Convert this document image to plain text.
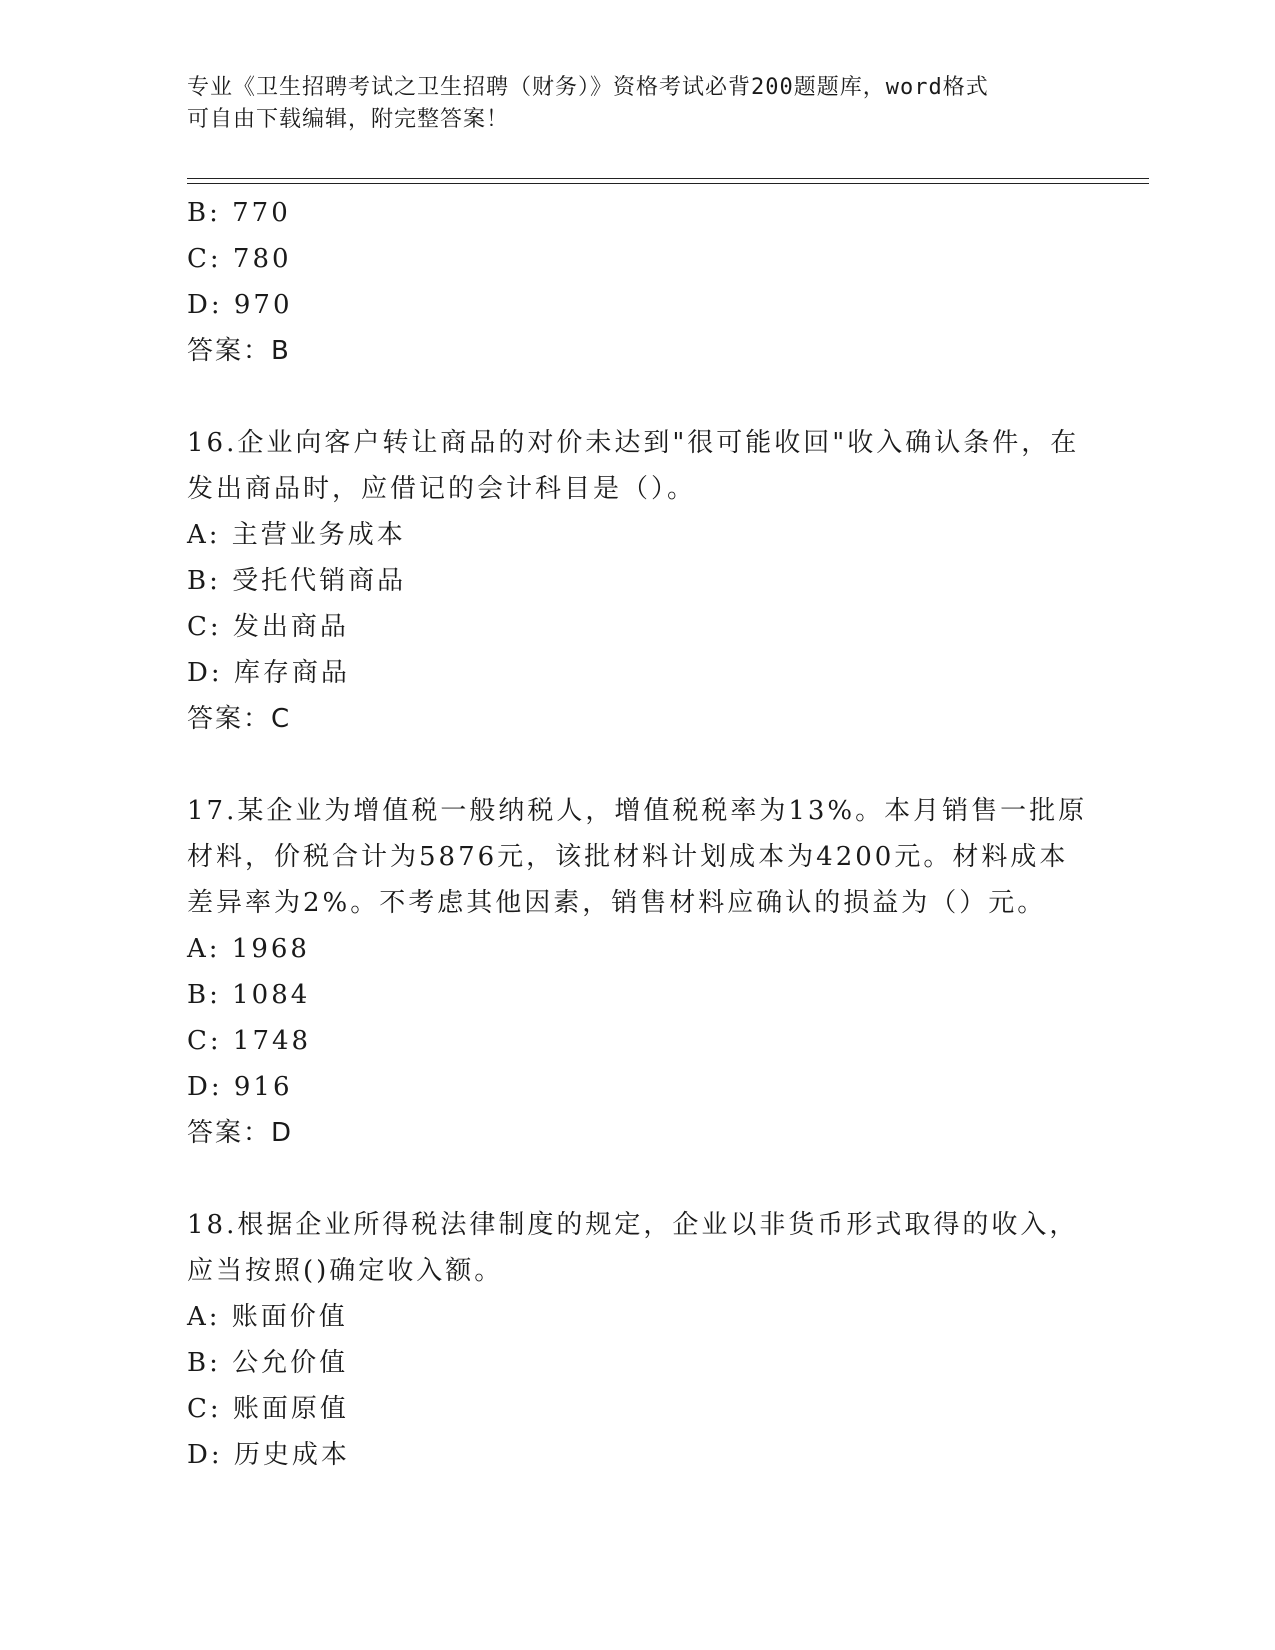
专业《卫生招聘考试之卫生招聘（财务）》资格考试必背200题题库，word格式
可自由下载编辑，附完整答案！
B: 770
C: 780
D: 970
答案：B
16.企业向客户转让商品的对价未达到"很可能收回"收入确认条件，在
发出商品时，应借记的会计科目是（）。
A: 主营业务成本
B: 受托代销商品
C: 发出商品
D: 库存商品
答案：C
17.某企业为增值税一般纳税人，增值税税率为13%。本月销售一批原
材料，价税合计为5876元，该批材料计划成本为4200元。材料成本
差异率为2%。不考虑其他因素，销售材料应确认的损益为（）元。
A: 1968
B: 1084
C: 1748
D: 916
答案：D
18.根据企业所得税法律制度的规定，企业以非货币形式取得的收入，
应当按照()确定收入额。
A: 账面价值
B: 公允价值
C: 账面原值
D: 历史成本
